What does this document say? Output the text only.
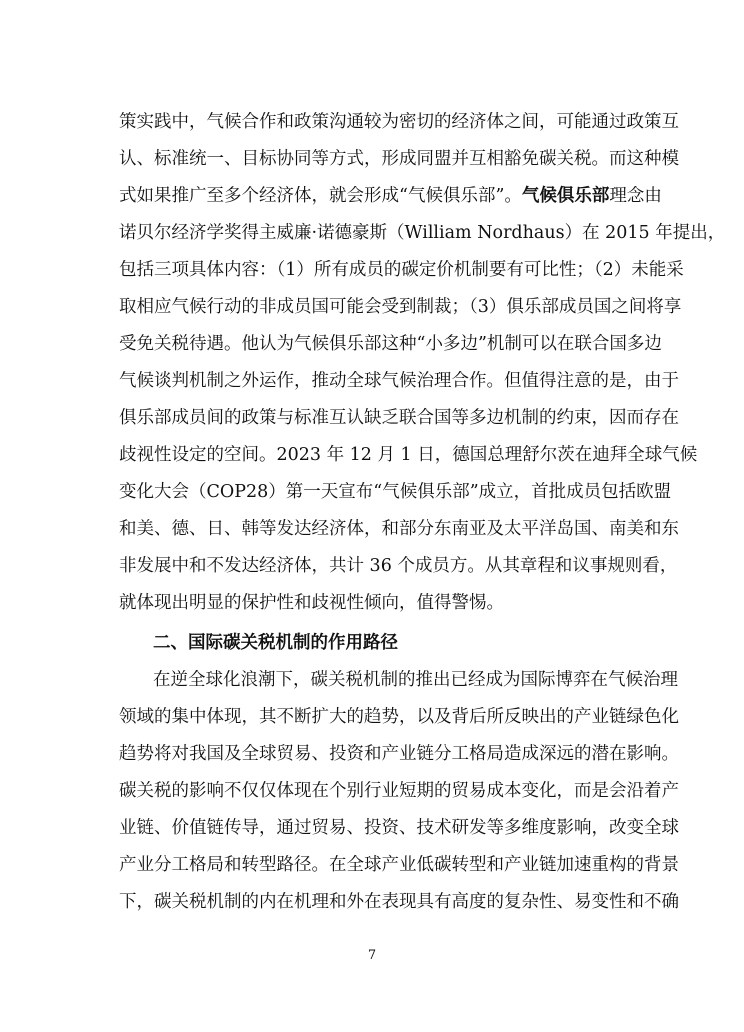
策实践中，气候合作和政策沟通较为密切的经济体之间，可能通过政策互
认、标准统一、目标协同等方式，形成同盟并互相豁免碳关税。而这种模
式如果推广至多个经济体，就会形成“气候俱乐部”。气候俱乐部理念由
诺贝尔经济学奖得主威廉·诺德豪斯（William Nordhaus）在 2015 年提出，
包括三项具体内容：（1）所有成员的碳定价机制要有可比性；（2）未能采
取相应气候行动的非成员国可能会受到制裁；（3）俱乐部成员国之间将享
受免关税待遇。他认为气候俱乐部这种“小多边”机制可以在联合国多边
气候谈判机制之外运作，推动全球气候治理合作。但值得注意的是，由于
俱乐部成员间的政策与标准互认缺乏联合国等多边机制的约束，因而存在
歧视性设定的空间。2023 年 12 月 1 日，德国总理舒尔茨在迪拜全球气候
变化大会（COP28）第一天宣布“气候俱乐部”成立，首批成员包括欧盟
和美、德、日、韩等发达经济体，和部分东南亚及太平洋岛国、南美和东
非发展中和不发达经济体，共计 36 个成员方。从其章程和议事规则看，
就体现出明显的保护性和歧视性倾向，值得警惕。
二、国际碳关税机制的作用路径
在逆全球化浪潮下，碳关税机制的推出已经成为国际博弈在气候治理
领域的集中体现，其不断扩大的趋势，以及背后所反映出的产业链绿色化
趋势将对我国及全球贸易、投资和产业链分工格局造成深远的潜在影响。
碳关税的影响不仅仅体现在个别行业短期的贸易成本变化，而是会沿着产
业链、价值链传导，通过贸易、投资、技术研发等多维度影响，改变全球
产业分工格局和转型路径。在全球产业低碳转型和产业链加速重构的背景
下，碳关税机制的内在机理和外在表现具有高度的复杂性、易变性和不确
7
